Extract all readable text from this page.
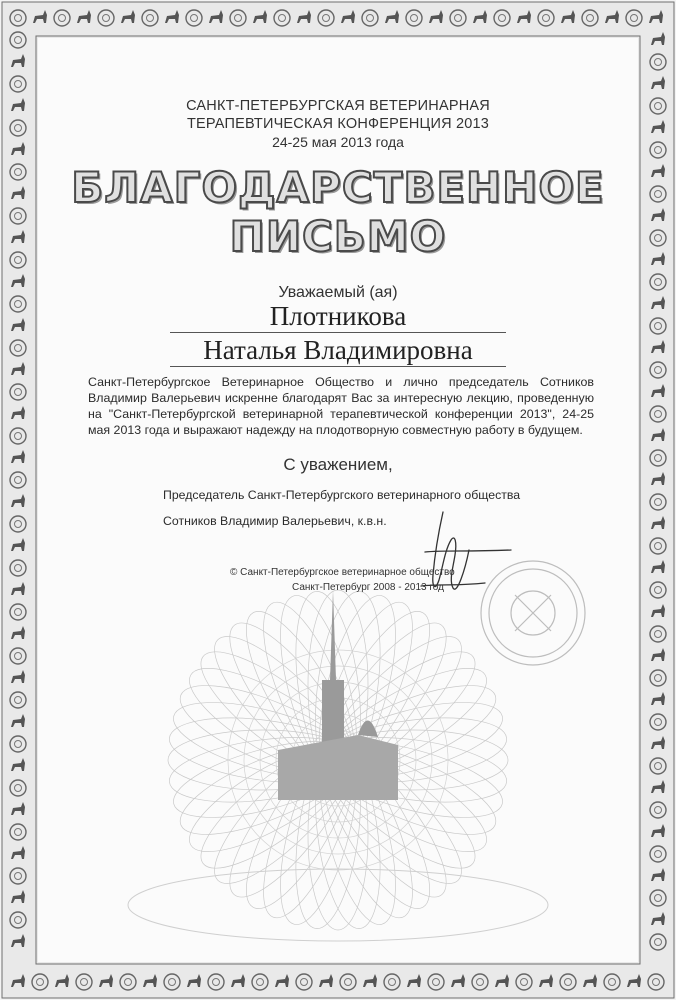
САНКТ-ПЕТЕРБУРГСКАЯ ВЕТЕРИНАРНАЯ
ТЕРАПЕВТИЧЕСКАЯ КОНФЕРЕНЦИЯ 2013
24-25 мая 2013 года
БЛАГОДАРСТВЕННОЕ
ПИСЬМО
Уважаемый (ая)
Плотникова
Наталья Владимировна
Санкт-Петербургское Ветеринарное Общество и лично председатель Сотников Владимир Валерьевич искренне благодарят Вас за интересную лекцию, проведенную на "Санкт-Петербургской ветеринарной терапевтической конференции 2013", 24-25 мая 2013 года и выражают надежду на плодотворную совместную работу в будущем.
С уважением,
Председатель Санкт-Петербургского ветеринарного общества
Сотников Владимир Валерьевич, к.в.н.
© Санкт-Петербургское ветеринарное общество
Санкт-Петербург 2008 - 2013 год
